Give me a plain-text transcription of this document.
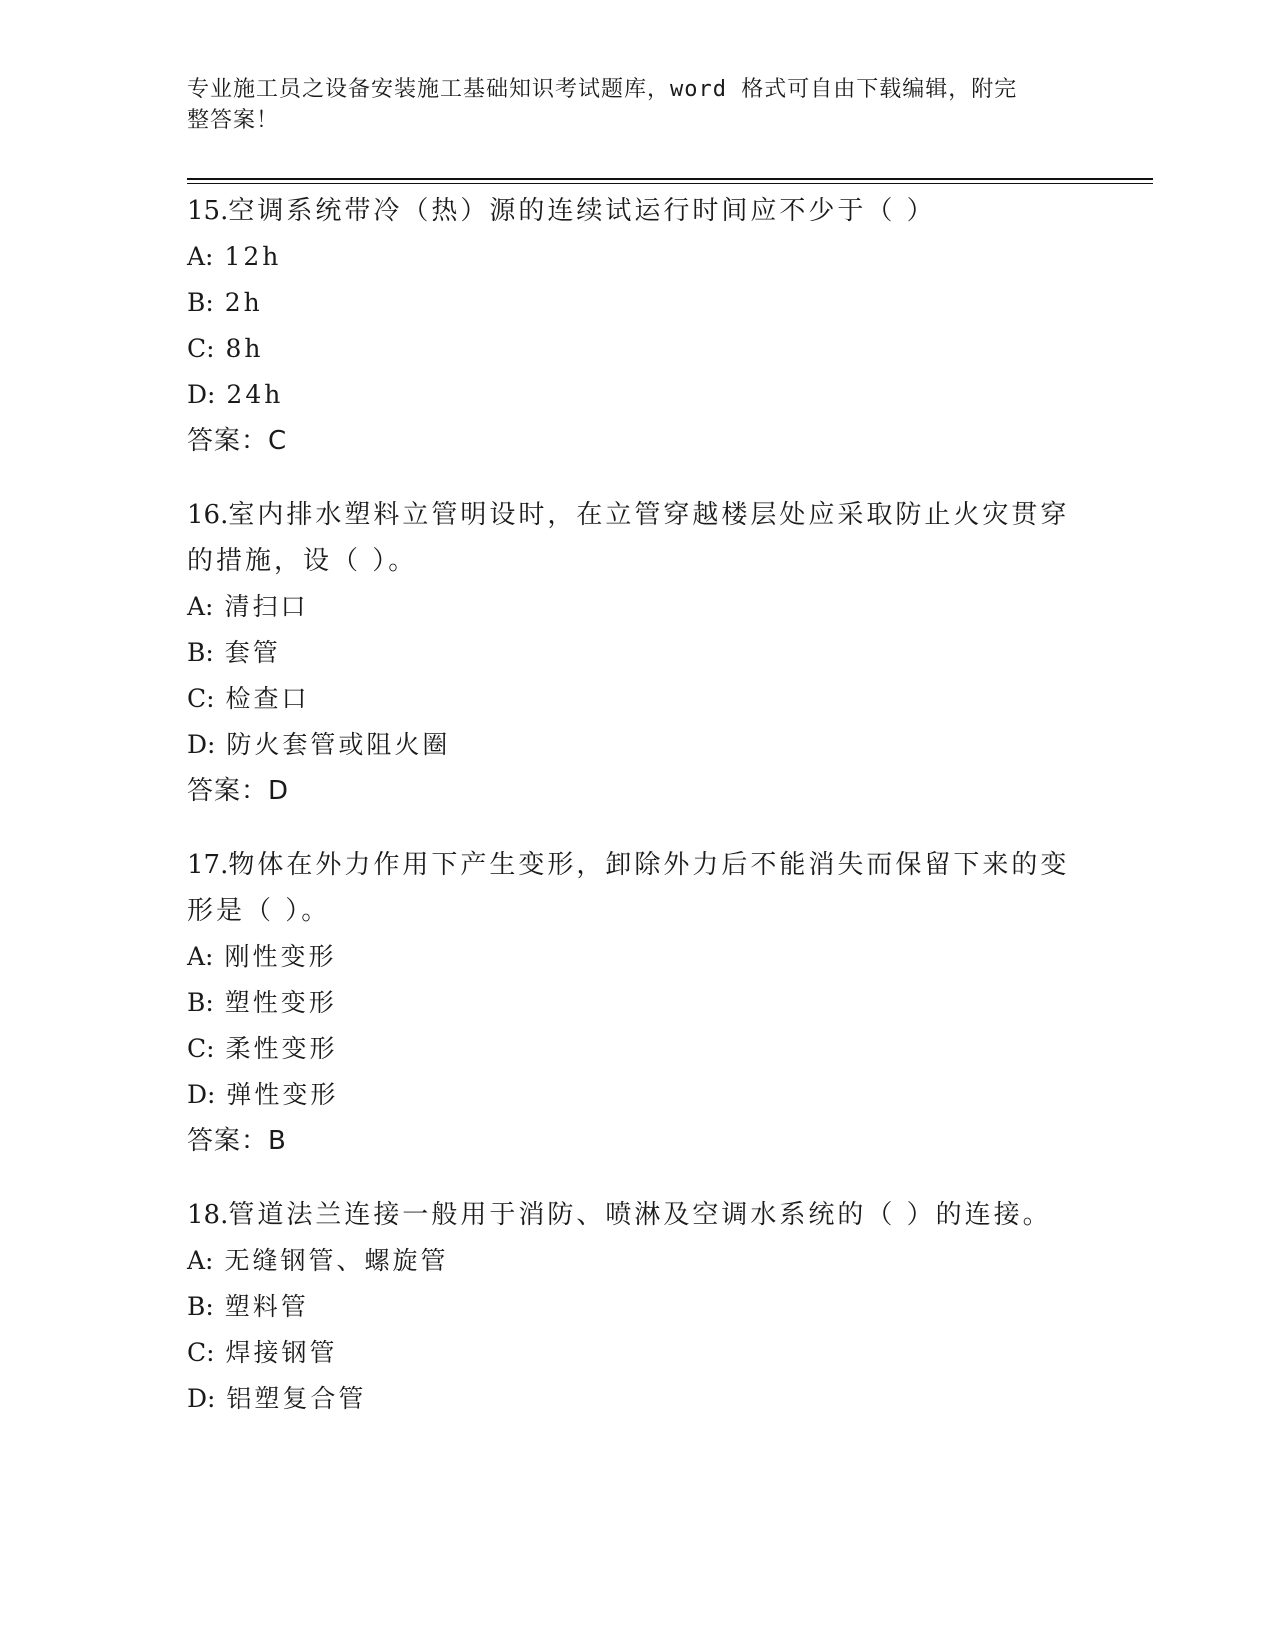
专业施工员之设备安装施工基础知识考试题库，word 格式可自由下载编辑，附完
整答案！
15.空调系统带冷（热）源的连续试运行时间应不少于（ ）
A: 12h
B: 2h
C: 8h
D: 24h
答案：C
16.室内排水塑料立管明设时，在立管穿越楼层处应采取防止火灾贯穿的措施，设（ ）。
A: 清扫口
B: 套管
C: 检查口
D: 防火套管或阻火圈
答案：D
17.物体在外力作用下产生变形，卸除外力后不能消失而保留下来的变形是（ ）。
A: 刚性变形
B: 塑性变形
C: 柔性变形
D: 弹性变形
答案：B
18.管道法兰连接一般用于消防、喷淋及空调水系统的（ ）的连接。
A: 无缝钢管、螺旋管
B: 塑料管
C: 焊接钢管
D: 铝塑复合管
